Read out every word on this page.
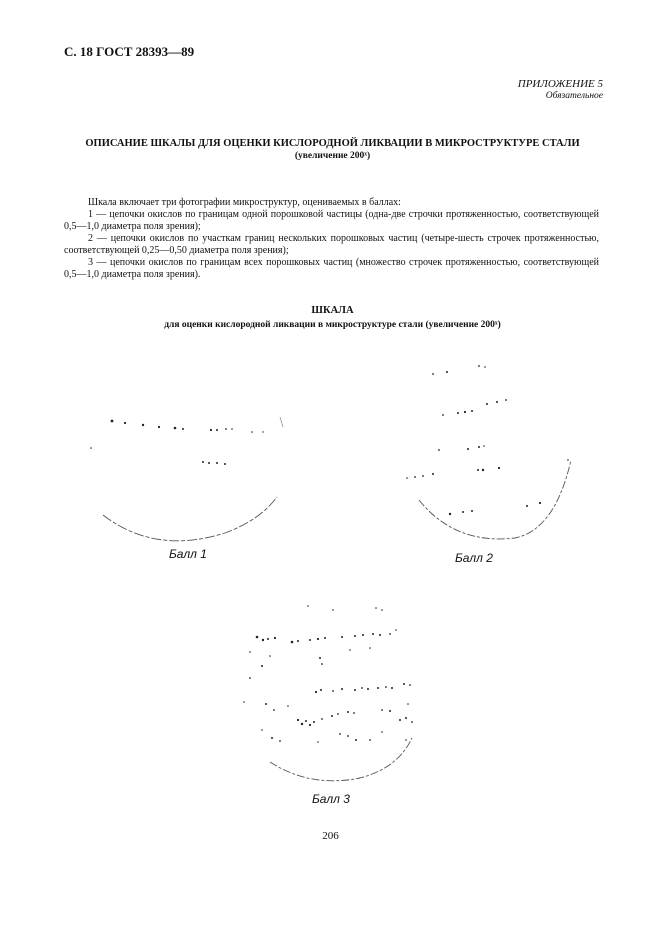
С. 18 ГОСТ 28393—89
ПРИЛОЖЕНИЕ 5
Обязательное
ОПИСАНИЕ ШКАЛЫ ДЛЯ ОЦЕНКИ КИСЛОРОДНОЙ ЛИКВАЦИИ В МИКРОСТРУКТУРЕ СТАЛИ
(увеличение 200ˣ)

Шкала включает три фотографии микроструктур, оцениваемых в баллах:

1 — цепочки окислов по границам одной порошковой частицы (одна-две строчки протяженностью, соответствующей 0,5—1,0 диаметра поля зрения);

2 — цепочки окислов по участкам границ нескольких порошковых частиц (четыре-шесть строчек протяженностью, соответствующей 0,25—0,50 диаметра поля зрения);

3 — цепочки окислов по границам всех порошковых частиц (множество строчек протяженностью, соответствующей 0,5—1,0 диаметра поля зрения).

ШКАЛА
для оценки кислородной ликвации в микроструктуре стали (увеличение 200ˣ)
Балл 1	Балл 2
Балл 3
206
